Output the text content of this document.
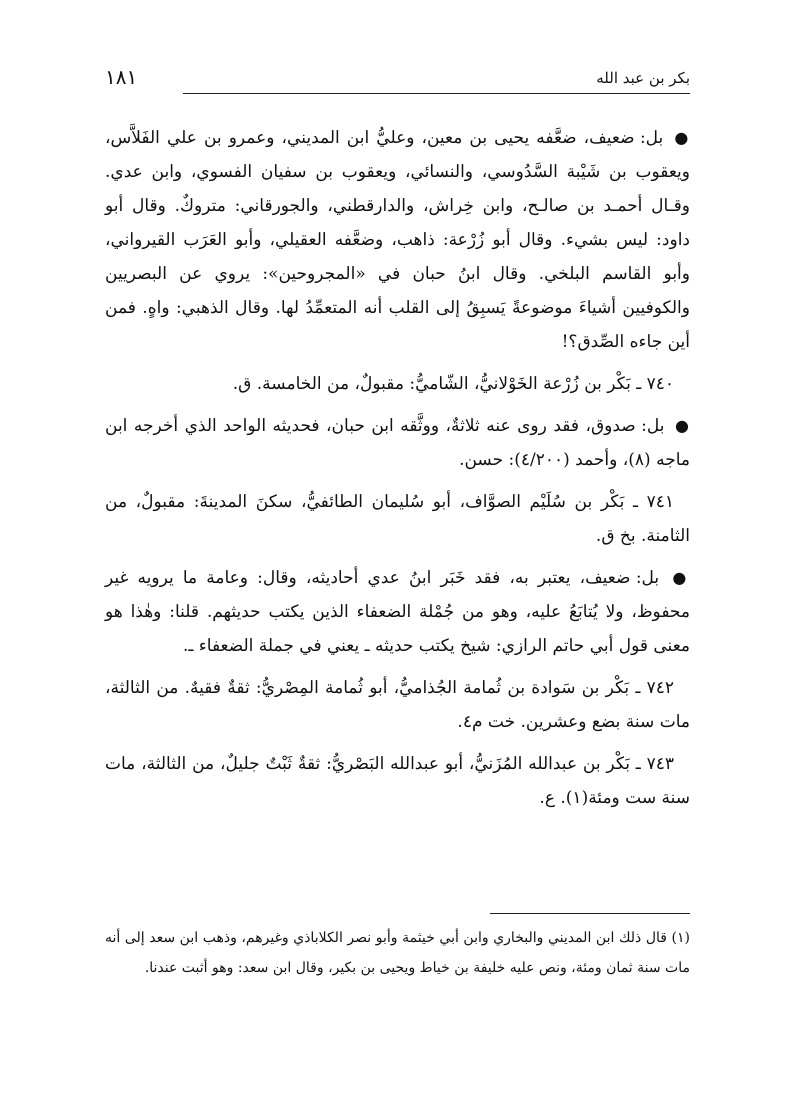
بكر بن عبد الله
١٨١

● بل: ضعيف، ضعَّفه يحيى بن معين، وعليُّ ابن المديني، وعمرو بن علي الفَلاَّس، ويعقوب بن شَيْبة السَّدُوسي، والنسائي، ويعقوب بن سفيان الفسوي، وابن عدي. وقـال أحمـد بن صالـح، وابن خِراش، والدارقطني، والجورقاني: متروكٌ. وقال أبو داود: ليس بشيء. وقال أبو زُرْعة: ذاهب، وضعَّفه العقيلي، وأبو العَرَب القيرواني، وأبو القاسم البلخي. وقال ابنُ حبان في «المجروحين»: يروي عن البصريين والكوفيين أشياءَ موضوعةً يَسبِقُ إلى القلب أنه المتعمِّدُ لها. وقال الذهبي: واهٍ. فمن أين جاءه الصِّدق؟!

٧٤٠ ـ بَكْر بن زُرْعة الخَوْلانيُّ، الشّاميُّ: مقبولٌ، من الخامسة. ق.

● بل: صدوق، فقد روى عنه ثلاثةٌ، ووثَّقه ابن حبان، فحديثه الواحد الذي أخرجه ابن ماجه (٨)، وأحمد (٤/٢٠٠): حسن.

٧٤١ ـ بَكْر بن سُلَيْم الصوَّاف، أبو سُليمان الطائفيُّ، سكنَ المدينةَ: مقبولٌ، من الثامنة. بخ ق.

● بل: ضعيف، يعتبر به، فقد خَبَر ابنُ عدي أحاديثه، وقال: وعامة ما يرويه غير محفوظ، ولا يُتابَعُ عليه، وهو من جُمْلة الضعفاء الذين يكتب حديثهم. قلنا: وهٰذا هو معنى قول أبي حاتم الرازي: شيخ يكتب حديثه ـ يعني في جملة الضعفاء ـ.

٧٤٢ ـ بَكْر بن سَوادة بن ثُمامة الجُذاميُّ، أبو ثُمامة المِصْريُّ: ثقةٌ فقيهٌ. من الثالثة، مات سنة بضع وعشرين. خت م٤.

٧٤٣ ـ بَكْر بن عبدالله المُزَنيُّ، أبو عبدالله البَصْريُّ: ثقةٌ ثَبْتٌ جليلٌ، من الثالثة، مات سنة ست ومئة(١). ع.

(١) قال ذلك ابن المديني والبخاري وابن أبي خيثمة وأبو نصر الكلاباذي وغيرهم، وذهب ابن سعد إلى أنه مات سنة ثمان ومئة، ونص عليه خليفة بن خياط ويحيى بن بكير، وقال ابن سعد: وهو أثبت عندنا.
